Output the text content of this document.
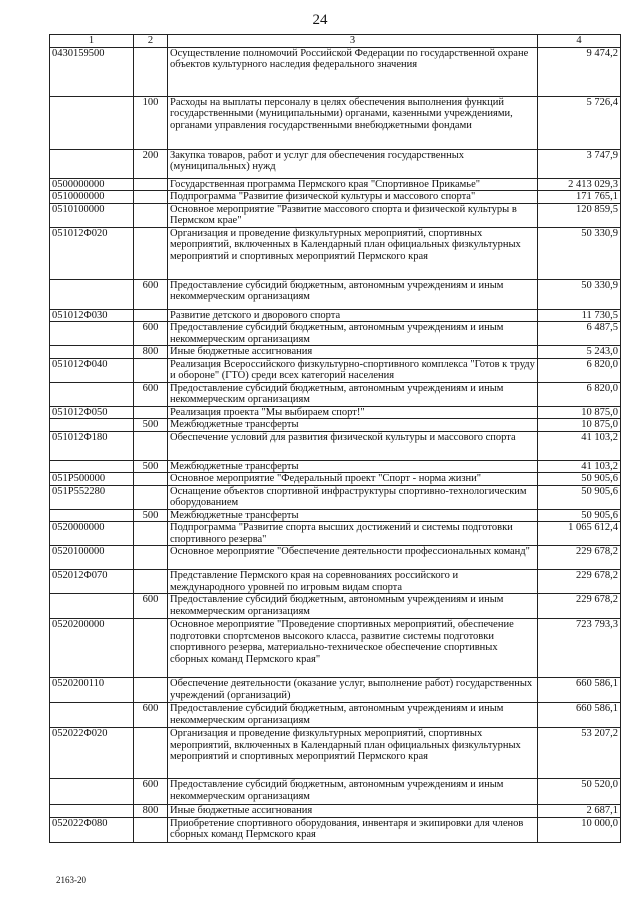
24
1	2	3	4
0430159500		Осуществление полномочий Российской Федерации по государственной охране объектов культурного наследия федерального значения	9 474,2
	100	Расходы на выплаты персоналу в целях обеспечения выполнения функций государственными (муниципальными) органами, казенными учреждениями, органами управления государственными внебюджетными фондами	5 726,4
	200	Закупка товаров, работ и услуг для обеспечения государственных (муниципальных) нужд	3 747,9
0500000000		Государственная программа Пермского края "Спортивное Прикамье"	2 413 029,3
0510000000		Подпрограмма "Развитие физической культуры и массового спорта"	171 765,1
0510100000		Основное мероприятие "Развитие массового спорта и физической культуры в Пермском крае"	120 859,5
051012Ф020		Организация и проведение физкультурных мероприятий, спортивных мероприятий, включенных в Календарный план официальных физкультурных мероприятий и спортивных мероприятий Пермского края	50 330,9
	600	Предоставление субсидий бюджетным, автономным учреждениям и иным некоммерческим организациям	50 330,9
051012Ф030		Развитие детского и дворового спорта	11 730,5
	600	Предоставление субсидий бюджетным, автономным учреждениям и иным некоммерческим организациям	6 487,5
	800	Иные бюджетные ассигнования	5 243,0
051012Ф040		Реализация Всероссийского физкультурно-спортивного комплекса "Готов к труду и обороне" (ГТО) среди всех категорий населения	6 820,0
	600	Предоставление субсидий бюджетным, автономным учреждениям и иным некоммерческим организациям	6 820,0
051012Ф050		Реализация проекта "Мы выбираем спорт!"	10 875,0
	500	Межбюджетные трансферты	10 875,0
051012Ф180		Обеспечение условий для развития физической культуры и массового спорта	41 103,2
	500	Межбюджетные трансферты	41 103,2
051Р500000		Основное мероприятие "Федеральный проект "Спорт - норма жизни"	50 905,6
051Р552280		Оснащение объектов спортивной инфраструктуры спортивно-технологическим оборудованием	50 905,6
	500	Межбюджетные трансферты	50 905,6
0520000000		Подпрограмма "Развитие спорта высших достижений и системы подготовки спортивного резерва"	1 065 612,4
0520100000		Основное мероприятие "Обеспечение деятельности профессиональных команд"	229 678,2
052012Ф070		Представление Пермского края на соревнованиях российского и международного уровней по игровым видам спорта	229 678,2
	600	Предоставление субсидий бюджетным, автономным учреждениям и иным некоммерческим организациям	229 678,2
0520200000		Основное мероприятие "Проведение спортивных мероприятий, обеспечение подготовки спортсменов высокого класса, развитие системы подготовки спортивного резерва, материально-техническое обеспечение спортивных сборных команд Пермского края"	723 793,3
0520200110		Обеспечение деятельности (оказание услуг, выполнение работ) государственных учреждений (организаций)	660 586,1
	600	Предоставление субсидий бюджетным, автономным учреждениям и иным некоммерческим организациям	660 586,1
052022Ф020		Организация и проведение физкультурных мероприятий, спортивных мероприятий, включенных в Календарный план официальных физкультурных мероприятий и спортивных мероприятий Пермского края	53 207,2
	600	Предоставление субсидий бюджетным, автономным учреждениям и иным некоммерческим организациям	50 520,0
	800	Иные бюджетные ассигнования	2 687,1
052022Ф080		Приобретение спортивного оборудования, инвентаря и экипировки для членов сборных команд Пермского края	10 000,0
2163-20
